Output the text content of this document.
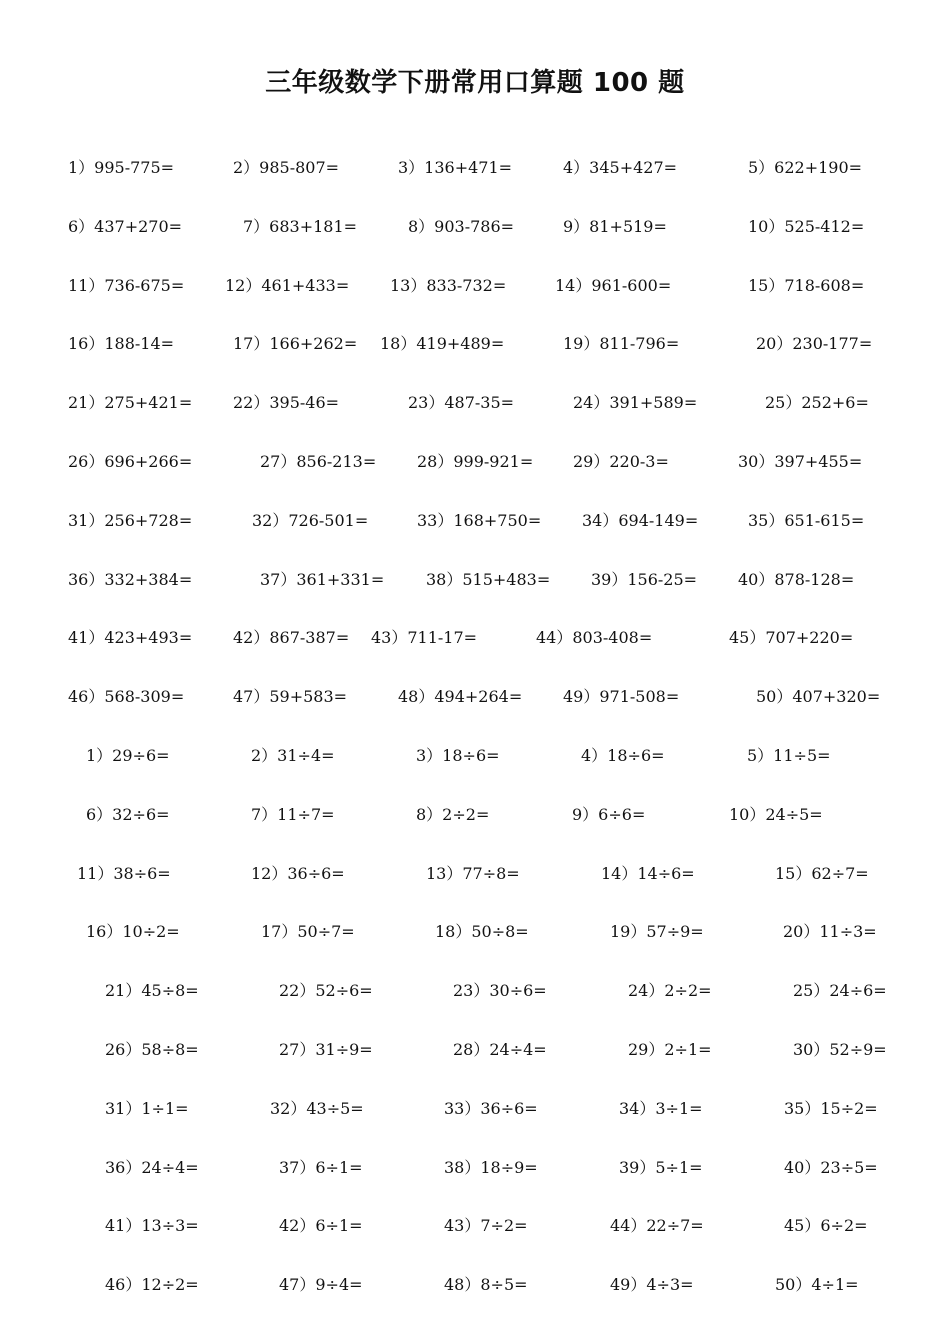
三年级数学下册常用口算题 100 题
1）995-775=	2）985-807=	3）136+471=	4）345+427=	5）622+190=
6）437+270=	7）683+181=	8）903-786=	9）81+519=	10）525-412=
11）736-675=	12）461+433=	13）833-732=	14）961-600=	15）718-608=
16）188-14=	17）166+262= 18）419+489=	19）811-796=	20）230-177=
21）275+421=	22）395-46=	23）487-35=	24）391+589=	25）252+6=
26）696+266=	27）856-213=	28）999-921= 29）220-3=	30）397+455=
31）256+728=	32）726-501=	33）168+750=	34）694-149=	35）651-615=
36）332+384=	37）361+331=	38）515+483=	39）156-25=	40）878-128=
41）423+493=	42）867-387= 43）711-17=	44）803-408=	45）707+220=
46）568-309=	47）59+583=	48）494+264=	49）971-508=	50）407+320=
1）29÷6=	2）31÷4=	3）18÷6=	4）18÷6=	5）11÷5=
6）32÷6=	7）11÷7=	8）2÷2=	9）6÷6=	10）24÷5=
11）38÷6=	12）36÷6=	13）77÷8=	14）14÷6=	15）62÷7=
16）10÷2=	17）50÷7=	18）50÷8=	19）57÷9=	20）11÷3=
21）45÷8=	22）52÷6=	23）30÷6=	24）2÷2=	25）24÷6=
26）58÷8=	27）31÷9=	28）24÷4=	29）2÷1=	30）52÷9=
31）1÷1=	32）43÷5=	33）36÷6=	34）3÷1=	35）15÷2=
36）24÷4=	37）6÷1=	38）18÷9=	39）5÷1=	40）23÷5=
41）13÷3=	42）6÷1=	43）7÷2=	44）22÷7=	45）6÷2=
46）12÷2=	47）9÷4=	48）8÷5=	49）4÷3=	50）4÷1=
